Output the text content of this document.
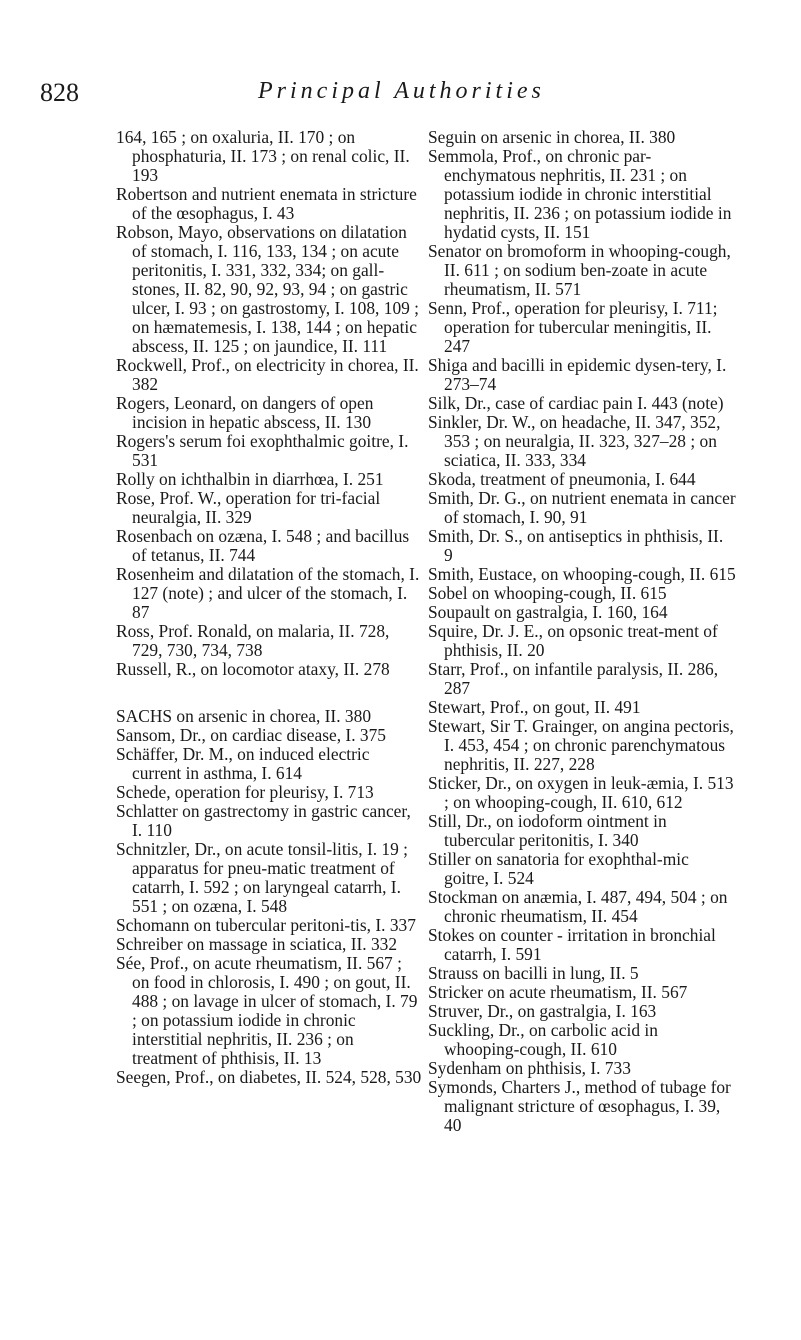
828	Principal Authorities
164, 165 ; on oxaluria, II. 170 ; on phosphaturia, II. 173 ; on renal colic, II. 193
Robertson and nutrient enemata in stricture of the œsophagus, I. 43
Robson, Mayo, observations on dilatation of stomach, I. 116, 133, 134 ; on acute peritonitis, I. 331, 332, 334; on gall-stones, II. 82, 90, 92, 93, 94 ; on gastric ulcer, I. 93 ; on gastrostomy, I. 108, 109 ; on hæmatemesis, I. 138, 144 ; on hepatic abscess, II. 125 ; on jaundice, II. 111
Rockwell, Prof., on electricity in chorea, II. 382
Rogers, Leonard, on dangers of open incision in hepatic abscess, II. 130
Rogers's serum foi exophthalmic goitre, I. 531
Rolly on ichthalbin in diarrhœa, I. 251
Rose, Prof. W., operation for tri-facial neuralgia, II. 329
Rosenbach on ozæna, I. 548 ; and bacillus of tetanus, II. 744
Rosenheim and dilatation of the stomach, I. 127 (note) ; and ulcer of the stomach, I. 87
Ross, Prof. Ronald, on malaria, II. 728, 729, 730, 734, 738
Russell, R., on locomotor ataxy, II. 278
SACHS on arsenic in chorea, II. 380
Sansom, Dr., on cardiac disease, I. 375
Schäffer, Dr. M., on induced electric current in asthma, I. 614
Schede, operation for pleurisy, I. 713
Schlatter on gastrectomy in gastric cancer, I. 110
Schnitzler, Dr., on acute tonsil-litis, I. 19 ; apparatus for pneu-matic treatment of catarrh, I. 592 ; on laryngeal catarrh, I. 551 ; on ozæna, I. 548
Schomann on tubercular peritoni-tis, I. 337
Schreiber on massage in sciatica, II. 332
Sée, Prof., on acute rheumatism, II. 567 ; on food in chlorosis, I. 490 ; on gout, II. 488 ; on lavage in ulcer of stomach, I. 79 ; on potassium iodide in chronic interstitial nephritis, II. 236 ; on treatment of phthisis, II. 13
Seegen, Prof., on diabetes, II. 524, 528, 530
Seguin on arsenic in chorea, II. 380
Semmola, Prof., on chronic par-enchymatous nephritis, II. 231 ; on potassium iodide in chronic interstitial nephritis, II. 236 ; on potassium iodide in hydatid cysts, II. 151
Senator on bromoform in whooping-cough, II. 611 ; on sodium ben-zoate in acute rheumatism, II. 571
Senn, Prof., operation for pleurisy, I. 711; operation for tubercular meningitis, II. 247
Shiga and bacilli in epidemic dysen-tery, I. 273–74
Silk, Dr., case of cardiac pain I. 443 (note)
Sinkler, Dr. W., on headache, II. 347, 352, 353 ; on neuralgia, II. 323, 327–28 ; on sciatica, II. 333, 334
Skoda, treatment of pneumonia, I. 644
Smith, Dr. G., on nutrient enemata in cancer of stomach, I. 90, 91
Smith, Dr. S., on antiseptics in phthisis, II. 9
Smith, Eustace, on whooping-cough, II. 615
Sobel on whooping-cough, II. 615
Soupault on gastralgia, I. 160, 164
Squire, Dr. J. E., on opsonic treat-ment of phthisis, II. 20
Starr, Prof., on infantile paralysis, II. 286, 287
Stewart, Prof., on gout, II. 491
Stewart, Sir T. Grainger, on angina pectoris, I. 453, 454 ; on chronic parenchymatous nephritis, II. 227, 228
Sticker, Dr., on oxygen in leuk-æmia, I. 513 ; on whooping-cough, II. 610, 612
Still, Dr., on iodoform ointment in tubercular peritonitis, I. 340
Stiller on sanatoria for exophthal-mic goitre, I. 524
Stockman on anæmia, I. 487, 494, 504 ; on chronic rheumatism, II. 454
Stokes on counter - irritation in bronchial catarrh, I. 591
Strauss on bacilli in lung, II. 5
Stricker on acute rheumatism, II. 567
Struver, Dr., on gastralgia, I. 163
Suckling, Dr., on carbolic acid in whooping-cough, II. 610
Sydenham on phthisis, I. 733
Symonds, Charters J., method of tubage for malignant stricture of œsophagus, I. 39, 40
